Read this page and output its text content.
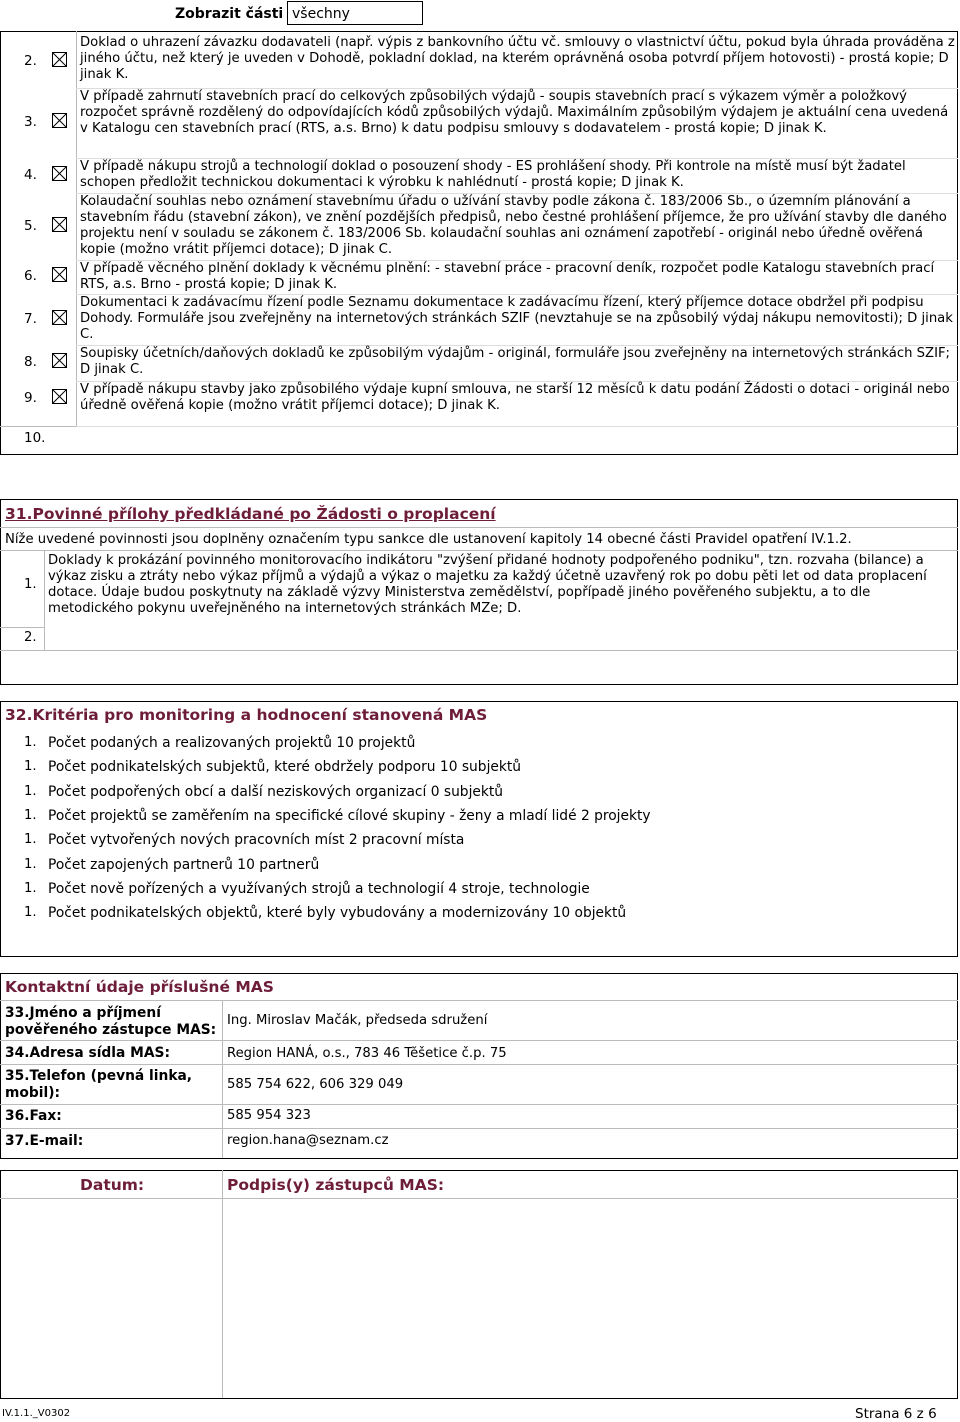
Zobrazit části všechny
2.
Doklad o uhrazení závazku dodavateli (např. výpis z bankovního účtu vč. smlouvy o vlastnictví účtu, pokud byla úhrada prováděna z jiného účtu, než který je uveden v Dohodě, pokladní doklad, na kterém oprávněná osoba potvrdí příjem hotovosti) - prostá kopie; D jinak K.
3.
V případě zahrnutí stavebních prací do celkových způsobilých výdajů - soupis stavebních prací s výkazem výměr a položkový rozpočet správně rozdělený do odpovídajících kódů způsobilých výdajů. Maximálním způsobilým výdajem je aktuální cena uvedená v Katalogu cen stavebních prací (RTS, a.s. Brno) k datu podpisu smlouvy s dodavatelem - prostá kopie; D jinak K.
4.
V případě nákupu strojů a technologií doklad o posouzení shody - ES prohlášení shody. Při kontrole na místě musí být žadatel schopen předložit technickou dokumentaci k výrobku k nahlédnutí - prostá kopie; D jinak K.
5.
Kolaudační souhlas nebo oznámení stavebnímu úřadu o užívání stavby podle zákona č. 183/2006 Sb., o územním plánování a stavebním řádu (stavební zákon), ve znění pozdějších předpisů, nebo čestné prohlášení příjemce, že pro užívání stavby dle daného projektu není v souladu se zákonem č. 183/2006 Sb. kolaudační souhlas ani oznámení zapotřebí - originál nebo úředně ověřená kopie (možno vrátit příjemci dotace); D jinak C.
6.	V případě věcného plnění doklady k věcnému plnění: - stavební práce - pracovní deník, rozpočet podle Katalogu stavebních prací RTS, a.s. Brno - prostá kopie; D jinak K.
7.
Dokumentaci k zadávacímu řízení podle Seznamu dokumentace k zadávacímu řízení, který příjemce dotace obdržel při podpisu Dohody. Formuláře jsou zveřejněny na internetových stránkách SZIF (nevztahuje se na způsobilý výdaj nákupu nemovitosti); D jinak C.
8.
Soupisky účetních/daňových dokladů ke způsobilým výdajům - originál, formuláře jsou zveřejněny na internetových stránkách SZIF; D jinak C.
9.
V případě nákupu stavby jako způsobilého výdaje kupní smlouva, ne starší 12 měsíců k datu podání Žádosti o dotaci - originál nebo úředně ověřená kopie (možno vrátit příjemci dotace); D jinak K.
10.
31.Povinné přílohy předkládané po Žádosti o proplacení
Níže uvedené povinnosti jsou doplněny označením typu sankce dle ustanovení kapitoly 14 obecné části Pravidel opatření IV.1.2.
1.
Doklady k prokázání povinného monitorovacího indikátoru "zvýšení přidané hodnoty podpořeného podniku", tzn. rozvaha (bilance) a výkaz zisku a ztráty nebo výkaz příjmů a výdajů a výkaz o majetku za každý účetně uzavřený rok po dobu pěti let od data proplacení dotace. Údaje budou poskytnuty na základě výzvy Ministerstva zemědělství, popřípadě jiného pověřeného subjektu, a to dle metodického pokynu uveřejněného na internetových stránkách MZe; D.
2.
32.Kritéria pro monitoring a hodnocení stanovená MAS
1. Počet podaných a realizovaných projektů 10 projektů
1. Počet podnikatelských subjektů, které obdržely podporu 10 subjektů
1. Počet podpořených obcí a další neziskových organizací 0 subjektů
1. Počet projektů se zaměřením na specifické cílové skupiny - ženy a mladí lidé 2 projekty
1. Počet vytvořených nových pracovních míst 2 pracovní místa
1. Počet zapojených partnerů 10 partnerů
1. Počet nově pořízených a využívaných strojů a technologií 4 stroje, technologie
1. Počet podnikatelských objektů, které byly vybudovány a modernizovány 10 objektů
Kontaktní údaje příslušné MAS
33.Jméno a příjmení pověřeného zástupce MAS:
Ing. Miroslav Mačák, předseda sdružení
34.Adresa sídla MAS:	Region HANÁ, o.s., 783 46 Těšetice č.p. 75
35.Telefon (pevná linka, mobil):
585 754 622, 606 329 049
36.Fax:	585 954 323
37.E-mail:	region.hana@seznam.cz
Datum:	Podpis(y) zástupců MAS:
IV.1.1._V0302	Strana 6 z 6
